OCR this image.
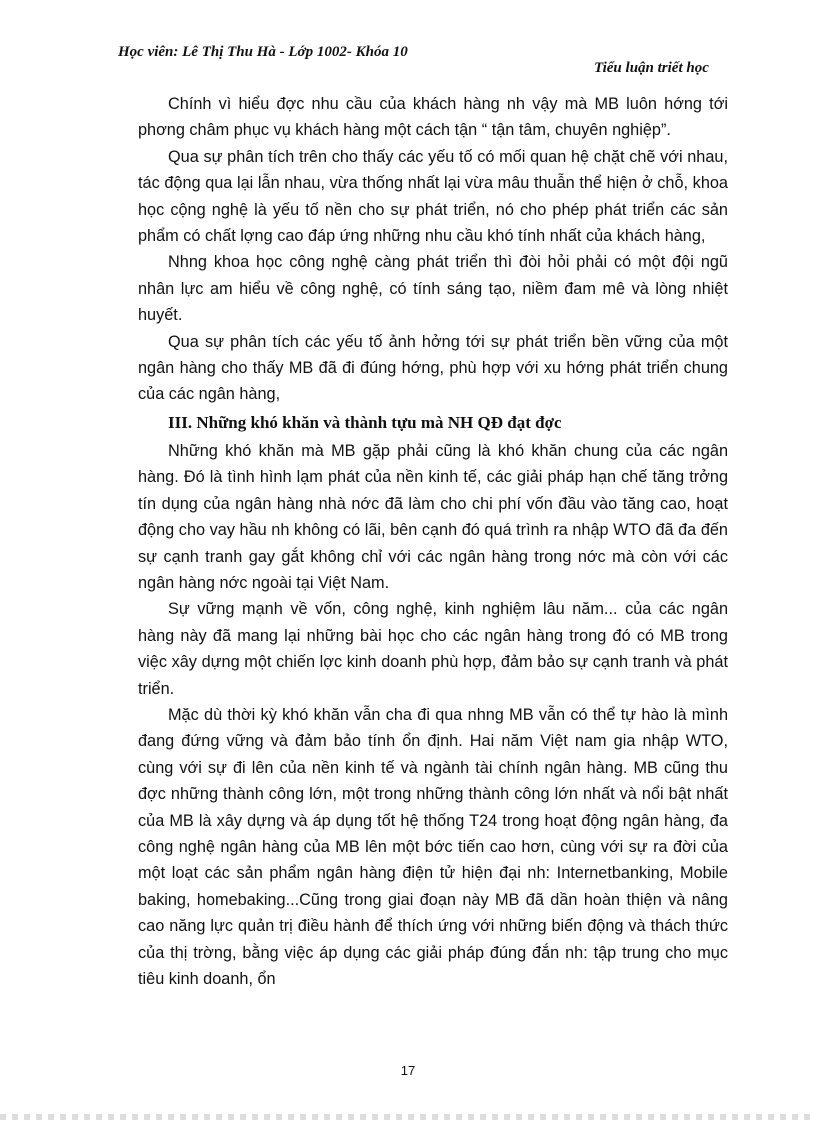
Học viên: Lê Thị Thu Hà - Lớp 1002- Khóa 10
Tiểu luận triết học

Chính vì hiểu đợc nhu cầu của khách hàng nh vậy mà MB luôn hớng tới phơng châm phục vụ khách hàng một cách tận “ tận tâm, chuyên nghiệp”.

Qua sự phân tích trên cho thấy các yếu tố có mối quan hệ chặt chẽ với nhau, tác động qua lại lẫn nhau, vừa thống nhất lại vừa mâu thuẫn thể hiện ở chỗ, khoa học cộng nghệ là yếu tố nền cho sự phát triển, nó cho phép phát triển các sản phẩm có chất lợng cao đáp ứng những nhu cầu khó tính nhất của khách hàng,

Nhng khoa học công nghệ càng phát triển thì đòi hỏi phải có một đội ngũ nhân lực am hiểu về công nghệ, có tính sáng tạo, niềm đam mê và lòng nhiệt huyết.

Qua sự phân tích các yếu tố ảnh hởng tới sự phát triển bền vững của một ngân hàng cho thấy MB đã đi đúng hớng, phù hợp với xu hớng phát triển chung của các ngân hàng,

III. Những khó khăn và thành tựu mà NH QĐ đạt đợc

Những khó khăn mà MB gặp phải cũng là khó khăn chung của các ngân hàng. Đó là tình hình lạm phát của nền kinh tế, các giải pháp hạn chế tăng trởng tín dụng của ngân hàng nhà nớc đã làm cho chi phí vốn đầu vào tăng cao, hoạt động cho vay hầu nh không có lãi, bên cạnh đó quá trình ra nhập WTO đã đa đến sự cạnh tranh gay gắt không chỉ với các ngân hàng trong nớc mà còn với các ngân hàng nớc ngoài tại Việt Nam.

Sự vững mạnh về vốn, công nghệ, kinh nghiệm lâu năm... của các ngân hàng này đã mang lại những bài học cho các ngân hàng trong đó có MB trong việc xây dựng một chiến lợc kinh doanh phù hợp, đảm bảo sự cạnh tranh và phát triển.

Mặc dù thời kỳ khó khăn vẫn cha đi qua nhng MB vẫn có thể tự hào là mình đang đứng vững và đảm bảo tính ổn định. Hai năm Việt nam gia nhập WTO, cùng với sự đi lên của nền kinh tế và ngành tài chính ngân hàng. MB cũng thu đợc những thành công lớn, một trong những thành công lớn nhất và nổi bật nhất của MB là xây dựng và áp dụng tốt hệ thống T24 trong hoạt động ngân hàng, đa công nghệ ngân hàng của MB lên một bớc tiến cao hơn, cùng với sự ra đời của một loạt các sản phẩm ngân hàng điện tử hiện đại nh: Internetbanking, Mobile baking, homebaking...Cũng trong giai đoạn này MB đã dần hoàn thiện và nâng cao năng lực quản trị điều hành để thích ứng với những biến động và thách thức của thị trờng, bằng việc áp dụng các giải pháp đúng đắn nh: tập trung cho mục tiêu kinh doanh, ổn

17
